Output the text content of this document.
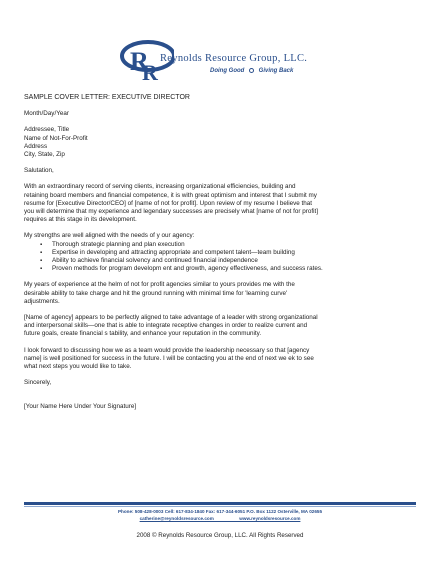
R
R
Reynolds Resource Group, LLC.
Doing Good Giving Back
SAMPLE COVER LETTER: EXECUTIVE DIRECTOR
Month/Day/Year
Addressee, Title
Name of Not-For-Profit
Address
City, State, Zip
Salutation,
With an extraordinary record of serving clients, increasing organizational efficiencies, building and
retaining board members and financial competence, it is with great optimism and interest that I submit my
resume for [Executive Director/CEO] of [name of not for profit]. Upon review of my resume I believe that
you will determine that my experience and legendary successes are precisely what [name of not for profit]
requires at this stage in its development.
My strengths are well aligned with the needs of y our agency:
▪ Thorough strategic planning and plan execution
▪ Expertise in developing and attracting appropriate and competent talent—team building
▪ Ability to achieve financial solvency and continued financial independence
▪ Proven methods for program developm ent and growth, agency effectiveness, and success rates.
My years of experience at the helm of not for profit agencies similar to yours provides me with the
desirable ability to take charge and hit the ground running with minimal time for 'learning curve'
adjustments.
[Name of agency] appears to be perfectly aligned to take advantage of a leader with strong organizational
and interpersonal skills—one that is able to integrate receptive changes in order to realize current and
future goals, create financial s tability, and enhance your reputation in the community.
I look forward to discussing how we as a team would provide the leadership necessary so that [agency
name] is well positioned for success in the future. I will be contacting you at the end of next we ek to see
what next steps you would like to take.
Sincerely,
[Your Name Here Under Your Signature]
Phone: 508-428-0003 Cell: 617-834-1840 Fax: 617-344-6051 P.O. Box 1122 Osterville, MA 02655
catherine@reynoldsresource.com                    www.reynoldsresource.com
2008 © Reynolds Resource Group, LLC. All Rights Reserved
